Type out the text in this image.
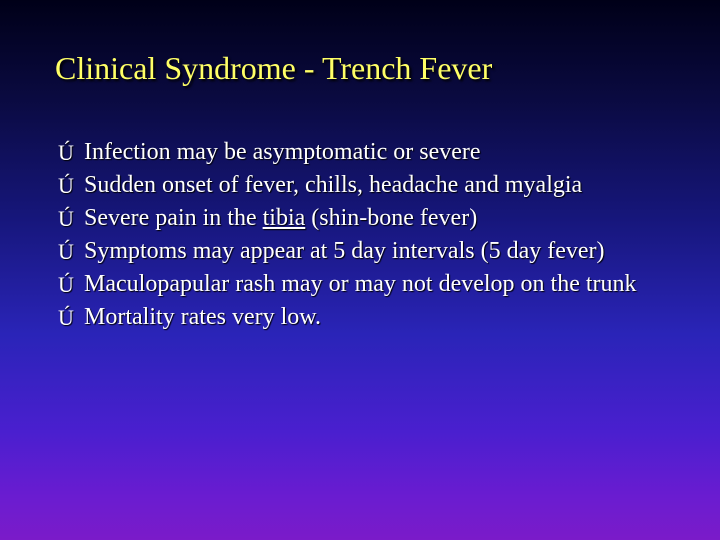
Clinical Syndrome - Trench Fever
Ú Infection may be asymptomatic or severe
Ú Sudden onset of fever, chills, headache and myalgia
Ú Severe pain in the tibia (shin-bone fever)
Ú Symptoms may appear at 5 day intervals (5 day fever)
Ú Maculopapular rash may or may not develop on the trunk
Ú Mortality rates very low.
